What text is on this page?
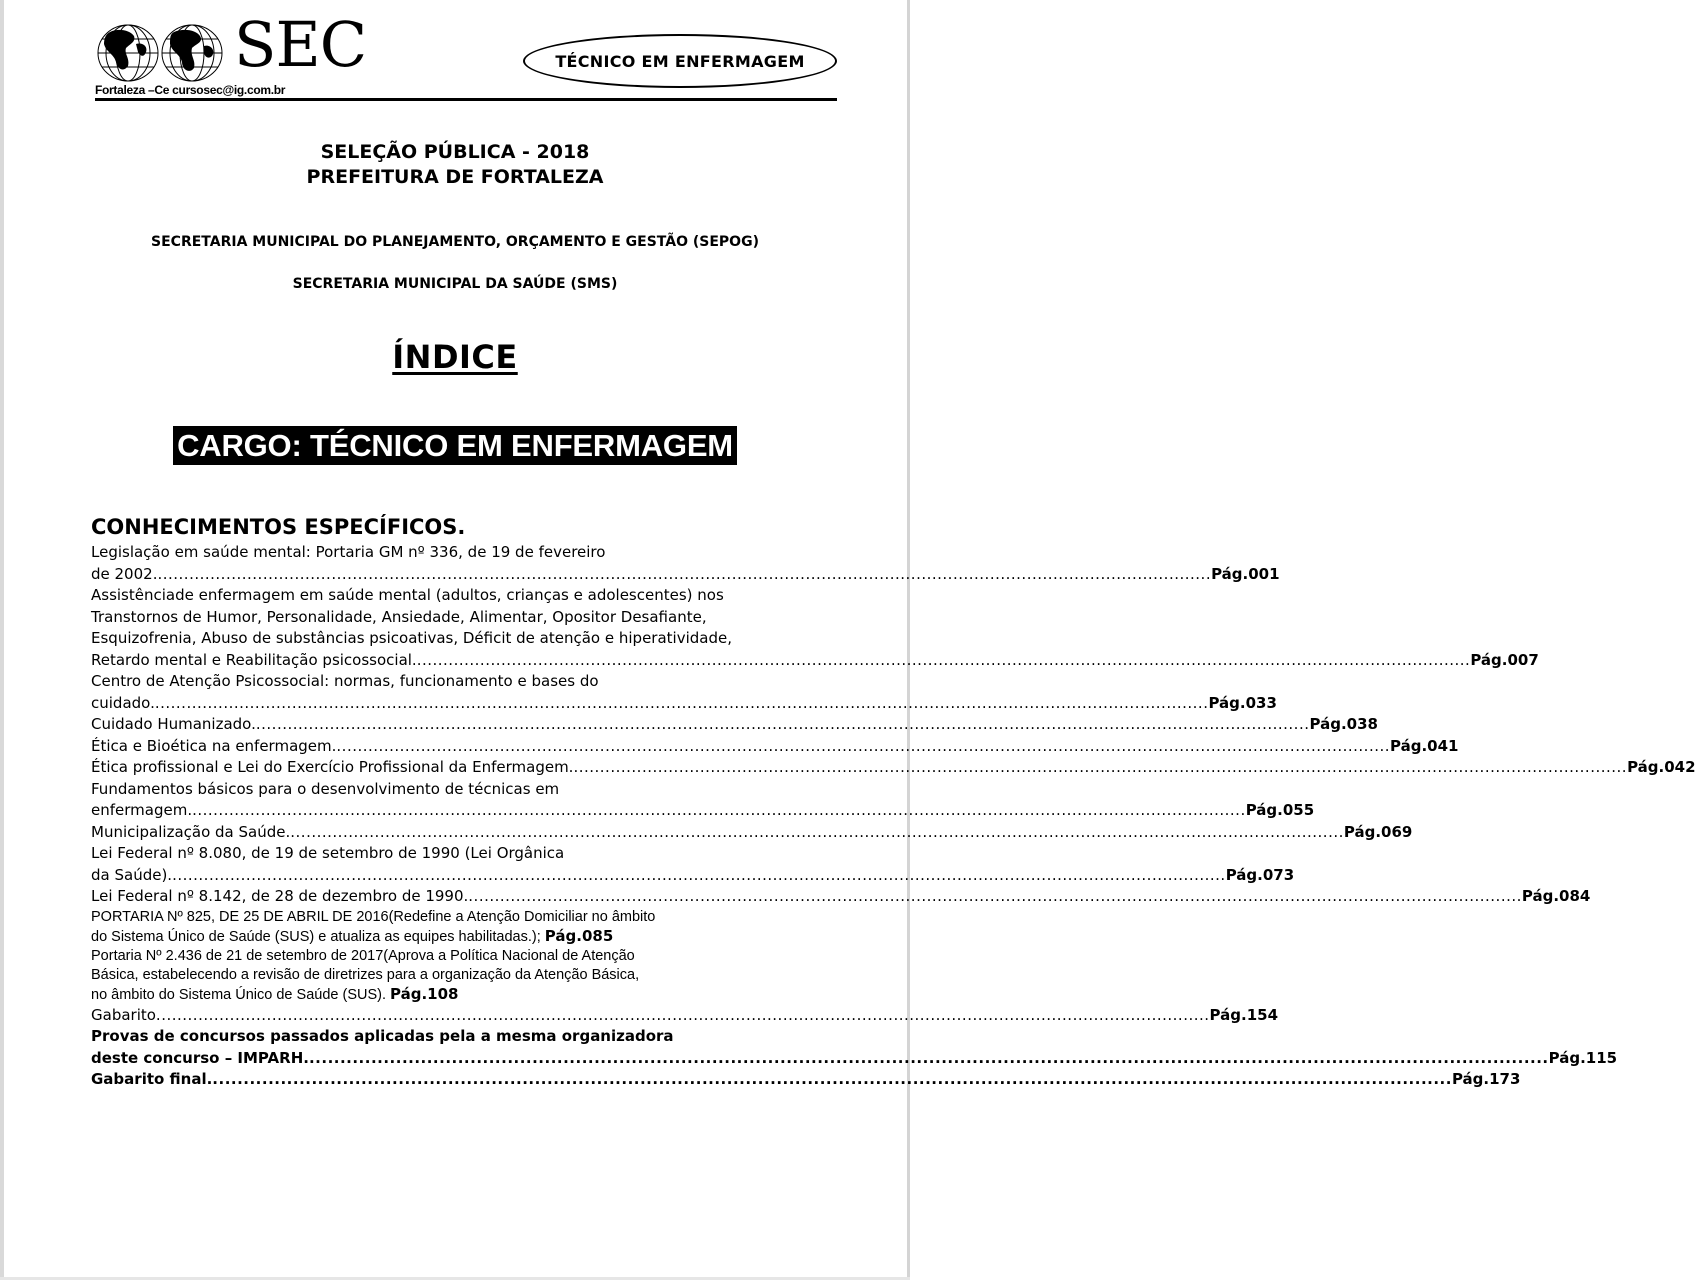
SEC
Fortaleza –Ce cursosec@ig.com.br
TÉCNICO EM ENFERMAGEM
SELEÇÃO PÚBLICA - 2018
PREFEITURA DE FORTALEZA
SECRETARIA MUNICIPAL DO PLANEJAMENTO, ORÇAMENTO E GESTÃO (SEPOG)
SECRETARIA MUNICIPAL DA SAÚDE (SMS)
ÍNDICE
CARGO: TÉCNICO EM ENFERMAGEM
CONHECIMENTOS ESPECÍFICOS.
Legislação em saúde mental: Portaria GM nº 336, de 19 de fevereiro
de 2002. ........................................................................................................................................................................................................ Pág.001
Assistênciade enfermagem em saúde mental (adultos, crianças e adolescentes) nos
Transtornos de Humor, Personalidade, Ansiedade, Alimentar, Opositor Desafiante,
Esquizofrenia, Abuso de substâncias psicoativas, Déficit de atenção e hiperatividade,
Retardo mental e Reabilitação psicossocial. ........................................................................................................................................................................................................ Pág.007
Centro de Atenção Psicossocial: normas, funcionamento e bases do
cuidado. ........................................................................................................................................................................................................ Pág.033
Cuidado Humanizado. ........................................................................................................................................................................................................ Pág.038
Ética e Bioética na enfermagem. ........................................................................................................................................................................................................ Pág.041
Ética profissional e Lei do Exercício Profissional da Enfermagem. ........................................................................................................................................................................................................ Pág.042
Fundamentos básicos para o desenvolvimento de técnicas em
enfermagem. ........................................................................................................................................................................................................ Pág.055
Municipalização da Saúde. ........................................................................................................................................................................................................ Pág.069
Lei Federal nº 8.080, de 19 de setembro de 1990 (Lei Orgânica
da Saúde). ........................................................................................................................................................................................................ Pág.073
Lei Federal nº 8.142, de 28 de dezembro de 1990. ........................................................................................................................................................................................................ Pág.084
PORTARIA Nº 825, DE 25 DE ABRIL DE 2016(Redefine a Atenção Domiciliar no âmbito
do Sistema Único de Saúde (SUS) e atualiza as equipes habilitadas.); Pág.085
Portaria Nº 2.436 de 21 de setembro de 2017(Aprova a Política Nacional de Atenção
Básica, estabelecendo a revisão de diretrizes para a organização da Atenção Básica,
no âmbito do Sistema Único de Saúde (SUS). Pág.108
Gabarito ........................................................................................................................................................................................................ Pág.154
Provas de concursos passados aplicadas pela a mesma organizadora
deste concurso – IMPARH. ........................................................................................................................................................................................................ Pág.115
Gabarito final. ........................................................................................................................................................................................................ Pág.173
